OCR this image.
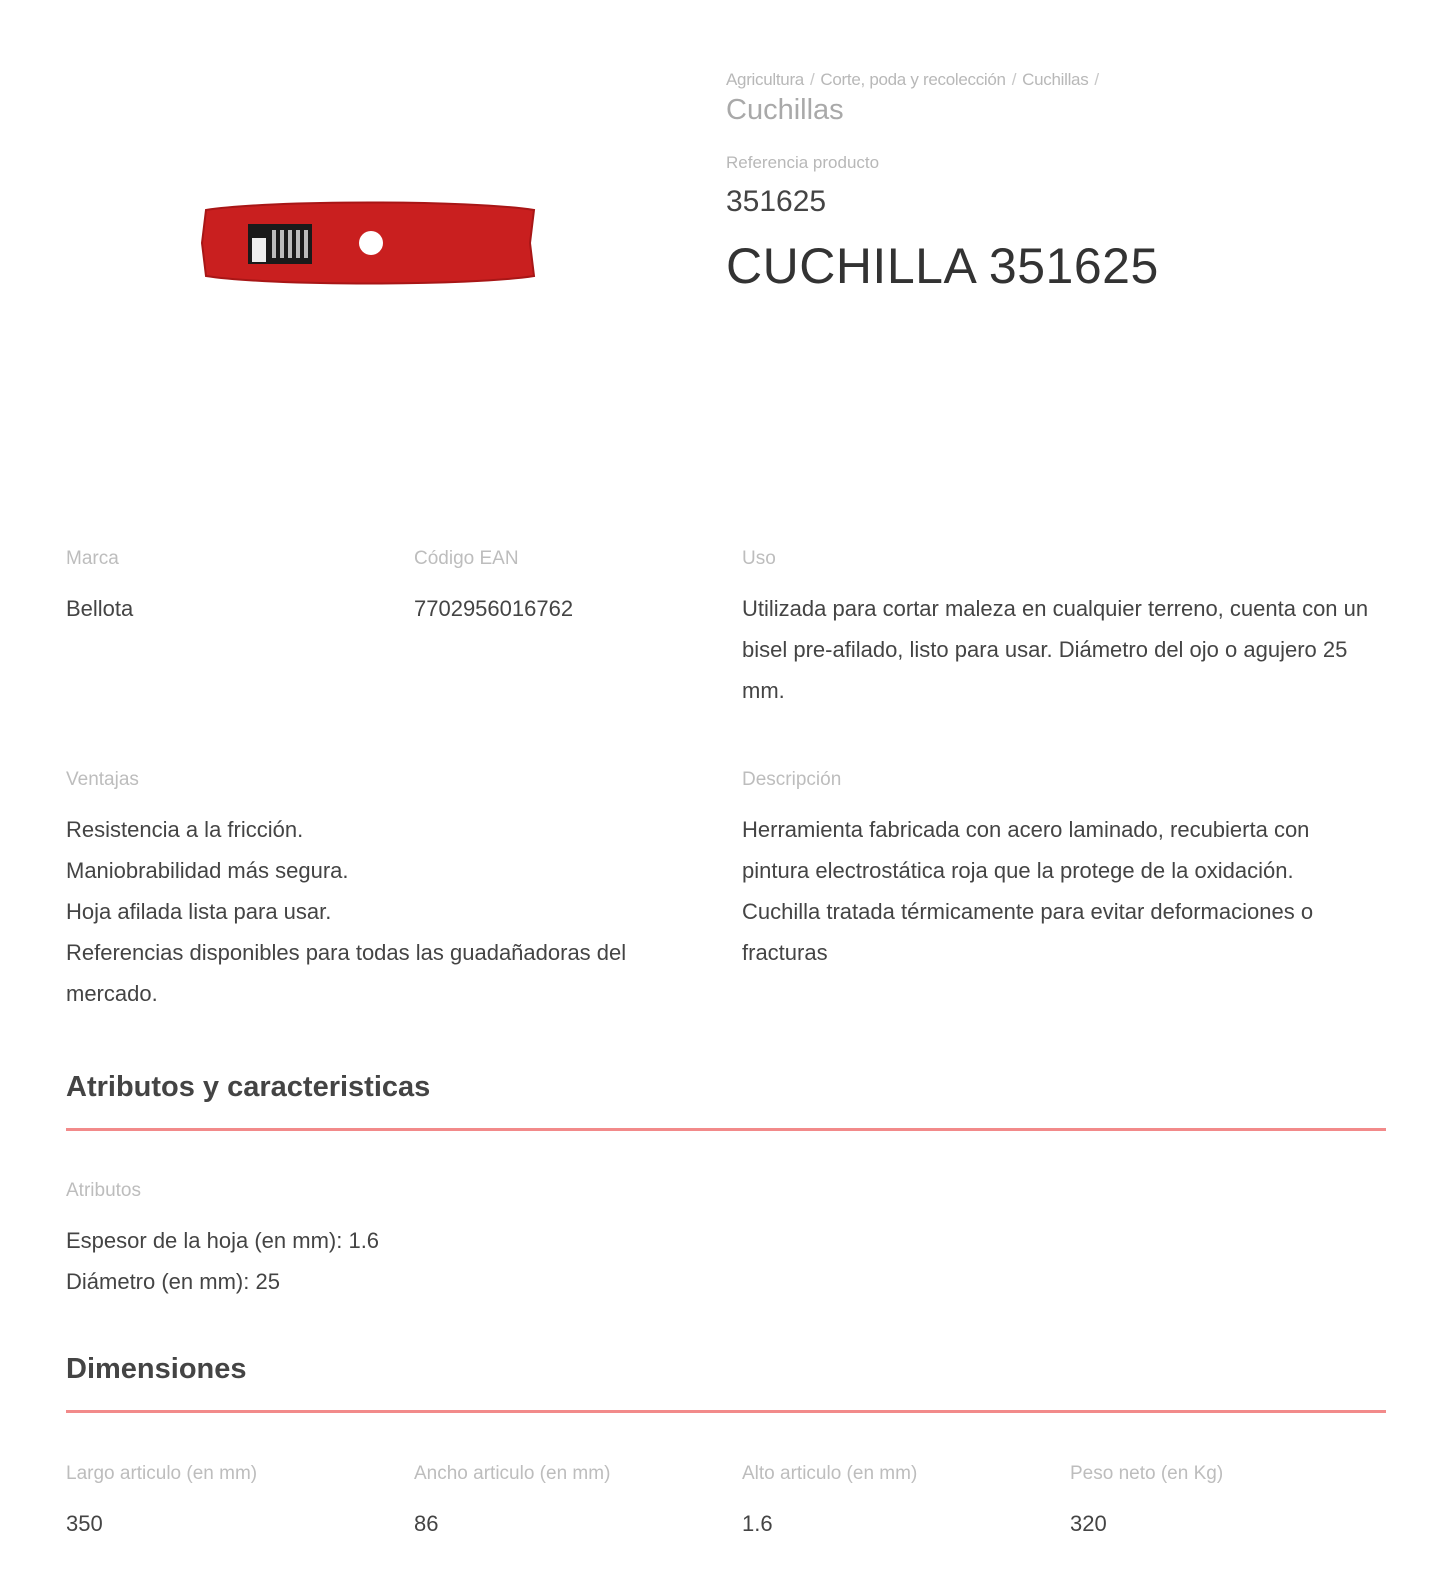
Agricultura / Corte, poda y recolección / Cuchillas /
Cuchillas
Referencia producto
351625
CUCHILLA 351625
Marca
Bellota
Código EAN
7702956016762
Uso
Utilizada para cortar maleza en cualquier terreno, cuenta con un bisel pre-afilado, listo para usar. Diámetro del ojo o agujero 25 mm.
Ventajas

Resistencia a la fricción.

Maniobrabilidad más segura.

Hoja afilada lista para usar.

Referencias disponibles para todas las guadañadoras del mercado.

Descripción
Herramienta fabricada con acero laminado, recubierta con pintura electrostática roja que la protege de la oxidación. Cuchilla tratada térmicamente para evitar deformaciones o fracturas
Atributos y caracteristicas
Atributos

Espesor de la hoja (en mm): 1.6

Diámetro (en mm): 25

Dimensiones
Largo articulo (en mm)
350
Ancho articulo (en mm)
86
Alto articulo (en mm)
1.6
Peso neto (en Kg)
320
